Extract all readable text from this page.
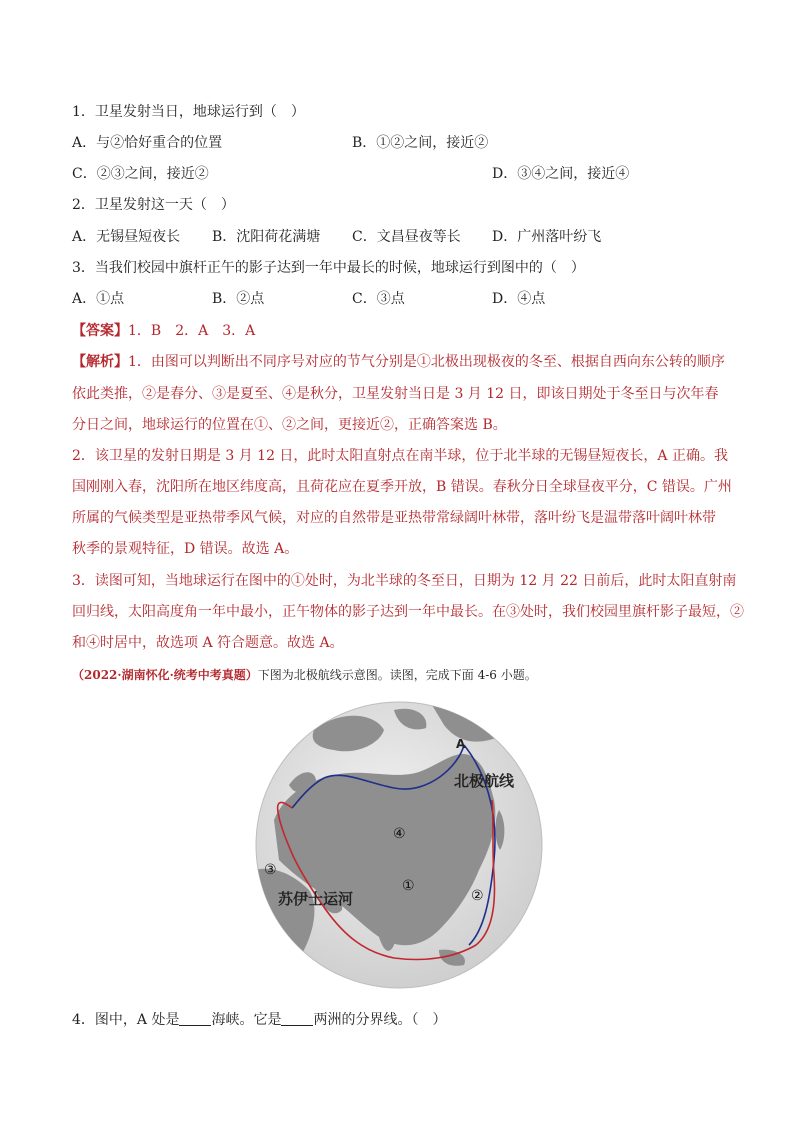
1．卫星发射当日，地球运行到（　）
A．与②恰好重合的位置	B．①②之间，接近②
C．②③之间，接近②	D．③④之间，接近④
2．卫星发射这一天（　）
A．无锡昼短夜长 B．沈阳荷花满塘 C．文昌昼夜等长 D．广州落叶纷飞
3．当我们校园中旗杆正午的影子达到一年中最长的时候，地球运行到图中的（　）
A．①点	B．②点	C．③点	D．④点
【答案】1．B　2．A　3．A
【解析】1．由图可以判断出不同序号对应的节气分别是①北极出现极夜的冬至、根据自西向东公转的顺序
依此类推，②是春分、③是夏至、④是秋分，卫星发射当日是 3 月 12 日，即该日期处于冬至日与次年春
分日之间，地球运行的位置在①、②之间，更接近②，正确答案选 B。
2．该卫星的发射日期是 3 月 12 日，此时太阳直射点在南半球，位于北半球的无锡昼短夜长，A 正确。我
国刚刚入春，沈阳所在地区纬度高，且荷花应在夏季开放，B 错误。春秋分日全球昼夜平分，C 错误。广州
所属的气候类型是亚热带季风气候，对应的自然带是亚热带常绿阔叶林带，落叶纷飞是温带落叶阔叶林带
秋季的景观特征，D 错误。故选 A。
3．读图可知，当地球运行在图中的①处时，为北半球的冬至日，日期为 12 月 22 日前后，此时太阳直射南
回归线，太阳高度角一年中最小，正午物体的影子达到一年中最长。在③处时，我们校园里旗杆影子最短，②
和④时居中，故选项 A 符合题意。故选 A。
（2022·湖南怀化·统考中考真题）下图为北极航线示意图。读图，完成下面 4-6 小题。
A
北极航线
苏伊士运河
④
①
②
③
4．图中，A 处是 海峡。它是 两洲的分界线。（　）
